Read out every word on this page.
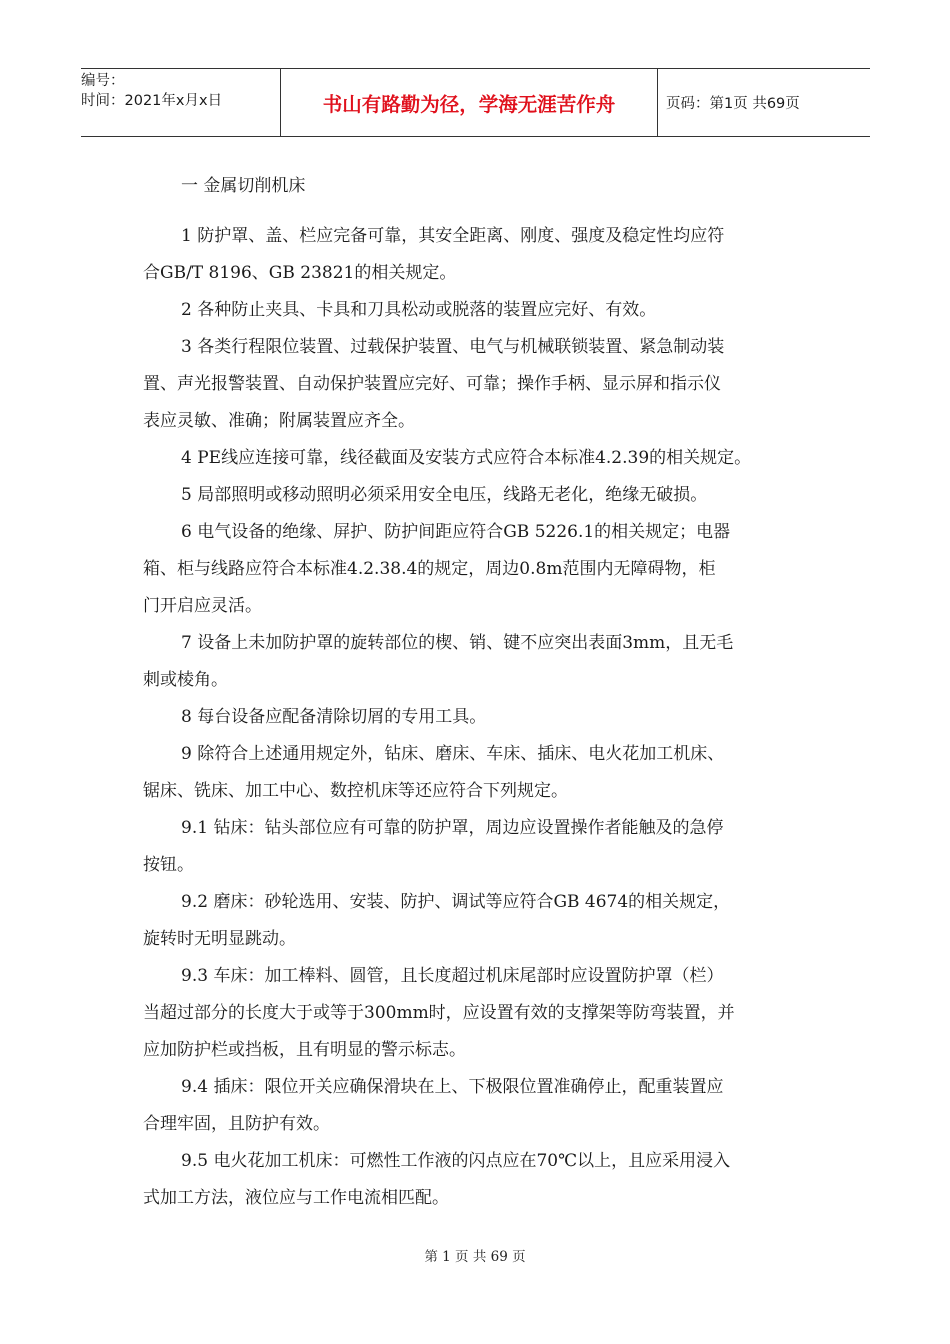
编号：
时间：2021年x月x日	书山有路勤为径，学海无涯苦作舟	页码：第1页 共69页
一 金属切削机床
1 防护罩、盖、栏应完备可靠，其安全距离、刚度、强度及稳定性均应符
合GB/T 8196、GB 23821的相关规定。
2 各种防止夹具、卡具和刀具松动或脱落的装置应完好、有效。
3 各类行程限位装置、过载保护装置、电气与机械联锁装置、紧急制动装
置、声光报警装置、自动保护装置应完好、可靠；操作手柄、显示屏和指示仪
表应灵敏、准确；附属装置应齐全。
4 PE线应连接可靠，线径截面及安装方式应符合本标准4.2.39的相关规定。
5 局部照明或移动照明必须采用安全电压，线路无老化，绝缘无破损。
6 电气设备的绝缘、屏护、防护间距应符合GB 5226.1的相关规定；电器
箱、柜与线路应符合本标准4.2.38.4的规定，周边0.8m范围内无障碍物，柜
门开启应灵活。
7 设备上未加防护罩的旋转部位的楔、销、键不应突出表面3mm，且无毛
刺或棱角。
8 每台设备应配备清除切屑的专用工具。
9 除符合上述通用规定外，钻床、磨床、车床、插床、电火花加工机床、
锯床、铣床、加工中心、数控机床等还应符合下列规定。
9.1 钻床：钻头部位应有可靠的防护罩，周边应设置操作者能触及的急停
按钮。
9.2 磨床：砂轮选用、安装、防护、调试等应符合GB 4674的相关规定，
旋转时无明显跳动。
9.3 车床：加工棒料、圆管，且长度超过机床尾部时应设置防护罩（栏）
当超过部分的长度大于或等于300mm时，应设置有效的支撑架等防弯装置，并
应加防护栏或挡板，且有明显的警示标志。
9.4 插床：限位开关应确保滑块在上、下极限位置准确停止，配重装置应
合理牢固，且防护有效。
9.5 电火花加工机床：可燃性工作液的闪点应在70℃以上，且应采用浸入
式加工方法，液位应与工作电流相匹配。
第 1 页 共 69 页
